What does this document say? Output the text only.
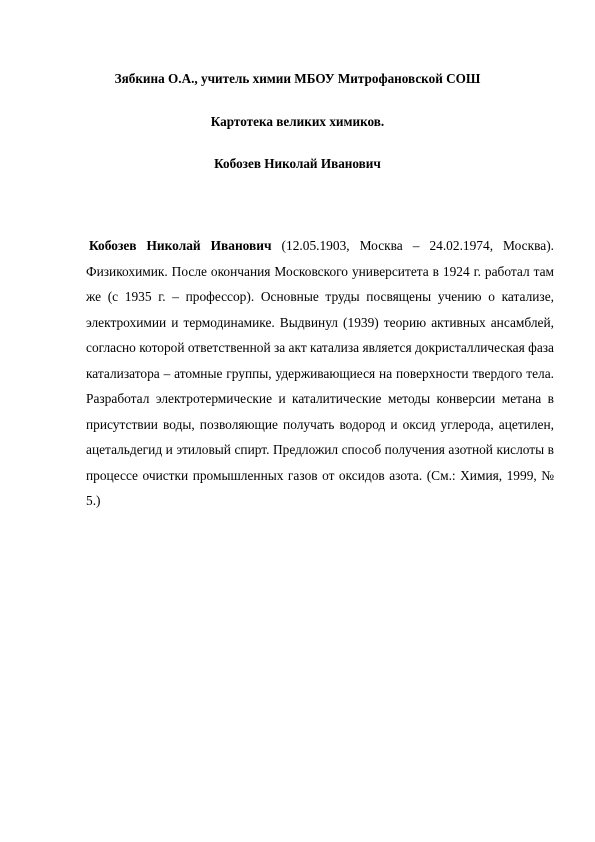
Зябкина О.А., учитель химии МБОУ Митрофановской СОШ
Картотека великих химиков.
Кобозев Николай Иванович

Кобозев Николай Иванович (12.05.1903, Москва – 24.02.1974, Москва). Физикохимик. После окончания Московского университета в 1924 г. работал там же (с 1935 г. – профессор). Основные труды посвящены учению о катализе, электрохимии и термодинамике. Выдвинул (1939) теорию активных ансамблей, согласно которой ответственной за акт катализа является докристаллическая фаза катализатора – атомные группы, удерживающиеся на поверхности твердого тела. Разработал электротермические и каталитические методы конверсии метана в присутствии воды, позволяющие получать водород и оксид углерода, ацетилен, ацетальдегид и этиловый спирт. Предложил способ получения азотной кислоты в процессе очистки промышленных газов от оксидов азота. (См.: Химия, 1999, № 5.)
